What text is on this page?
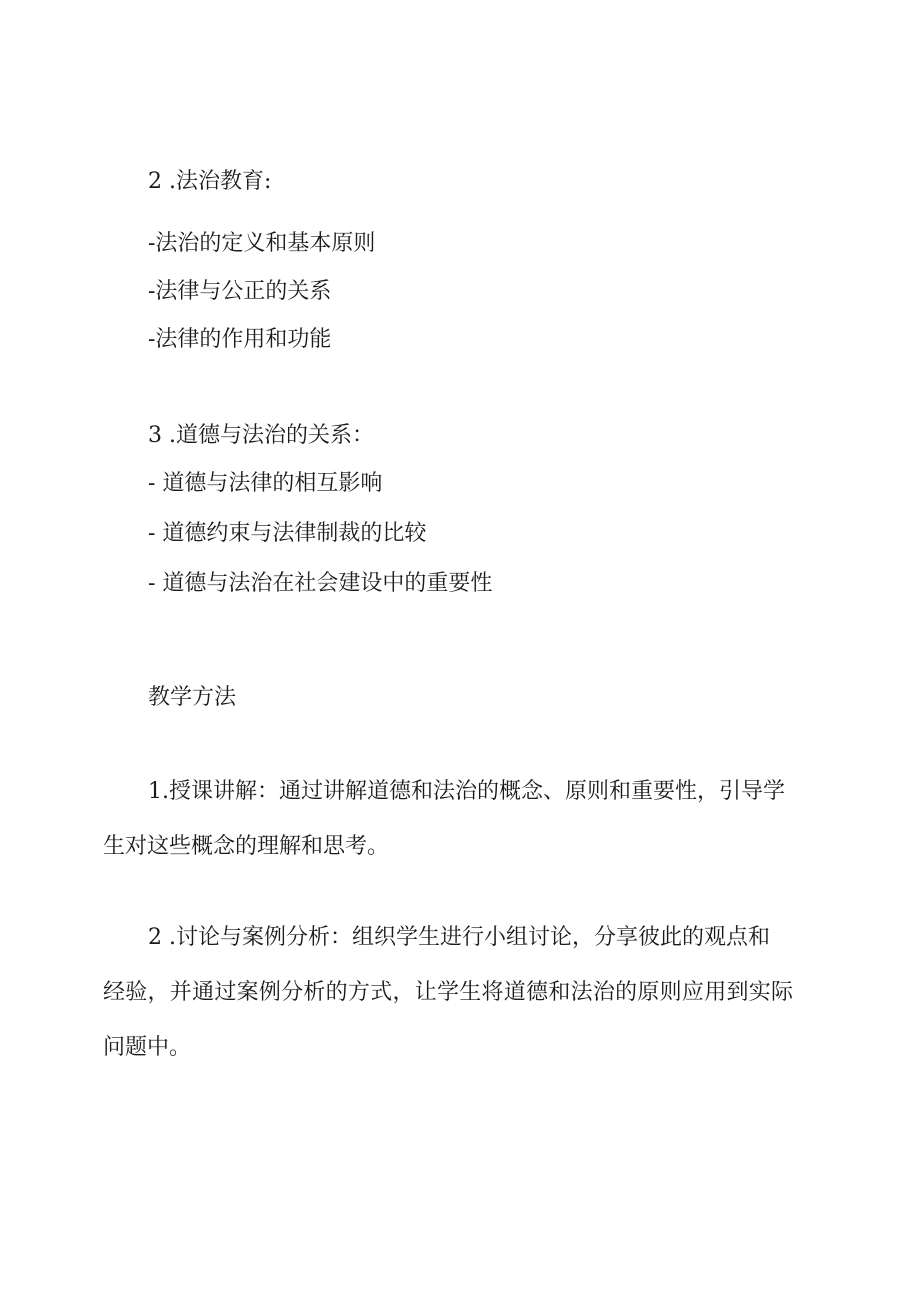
2 .法治教育:
-法治的定义和基本原则
-法律与公正的关系
-法律的作用和功能
3 .道德与法治的关系：
- 道德与法律的相互影响
- 道德约束与法律制裁的比较
- 道德与法治在社会建设中的重要性
教学方法
1.授课讲解：通过讲解道德和法治的概念、原则和重要性，引导学
生对这些概念的理解和思考。
2 .讨论与案例分析：组织学生进行小组讨论，分享彼此的观点和
经验，并通过案例分析的方式，让学生将道德和法治的原则应用到实际问题中。
